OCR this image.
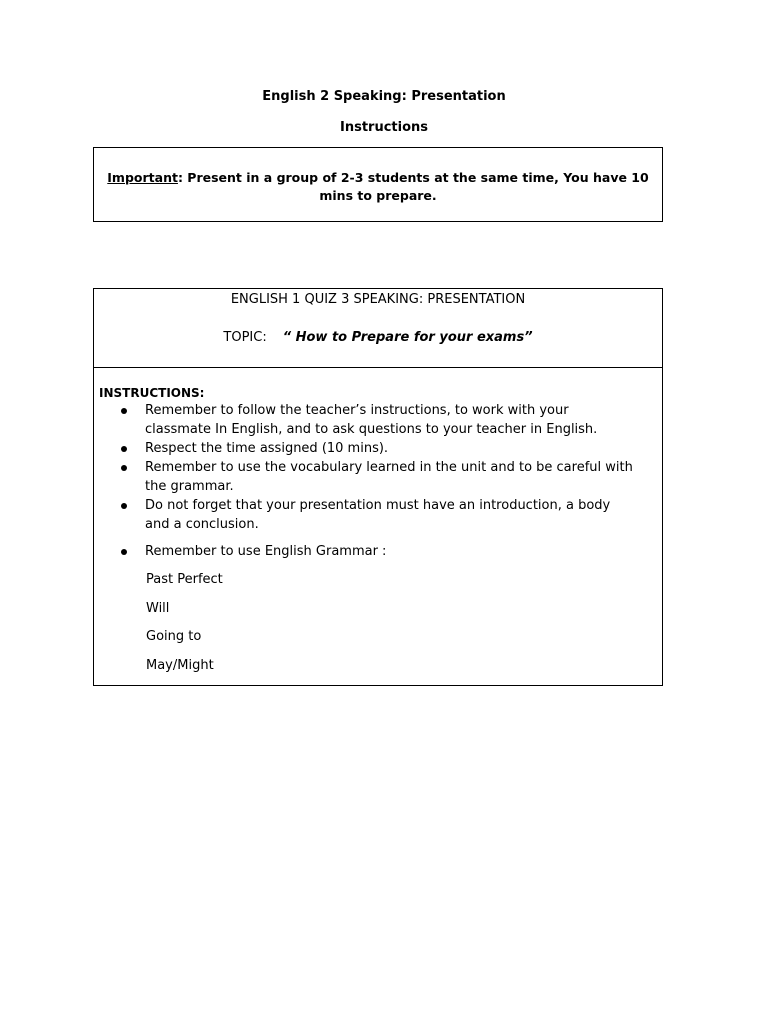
English 2 Speaking: Presentation
Instructions
Important: Present in a group of 2-3 students at the same time, You have 10 mins to prepare.
ENGLISH 1 QUIZ 3 SPEAKING: PRESENTATION
TOPIC: “ How to Prepare for your exams”
INSTRUCTIONS:
Remember to follow the teacher’s instructions, to work with your classmate In English, and to ask questions to your teacher in English.
Respect the time assigned (10 mins).
Remember to use the vocabulary learned in the unit and to be careful with the grammar.
Do not forget that your presentation must have an introduction, a body and a conclusion.
Remember to use English Grammar :
Past Perfect
Will
Going to
May/Might
